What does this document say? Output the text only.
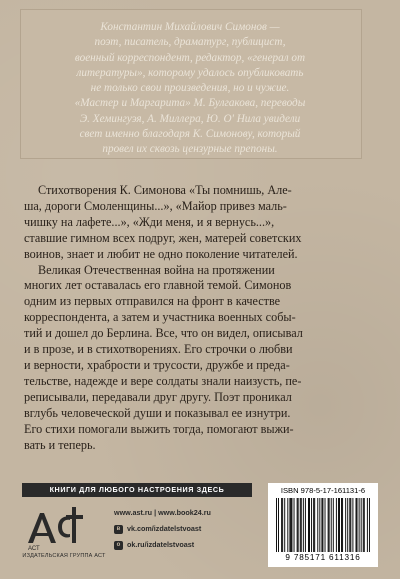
Константин Михайлович Симонов —
поэт, писатель, драматург, публицист,
военный корреспондент, редактор, «генерал от
литературы», которому удалось опубликовать
не только свои произведения, но и чужие.
«Мастер и Маргарита» М. Булгакова, переводы
Э. Хемингуэя, А. Миллера, Ю. О' Нила увидели
свет именно благодаря К. Симонову, который
провел их сквозь цензурные препоны.
Стихотворения К. Симонова «Ты помнишь, Але-
ша, дороги Смоленщины...», «Майор привез маль-
чишку на лафете...», «Жди меня, и я вернусь...»,
ставшие гимном всех подруг, жен, матерей советских
воинов, знает и любит не одно поколение читателей.
Великая Отечественная война на протяжении
многих лет оставалась его главной темой. Симонов
одним из первых отправился на фронт в качестве
корреспондента, а затем и участника военных собы-
тий и дошел до Берлина. Все, что он видел, описывал
и в прозе, и в стихотворениях. Его строчки о любви
и верности, храбрости и трусости, дружбе и преда-
тельстве, надежде и вере солдаты знали наизусть, пе-
реписывали, передавали друг другу. Поэт проникал
вглубь человеческой души и показывал ее изнутри.
Его стихи помогали выжить тогда, помогают выжи-
вать и теперь.
КНИГИ ДЛЯ ЛЮБОГО НАСТРОЕНИЯ ЗДЕСЬ
АСТ
ИЗДАТЕЛЬСКАЯ ГРУППА АСТ
www.ast.ru | www.book24.ru
в vk.com/izdatelstvoast
о ok.ru/izdatelstvoast
ISBN 978-5-17-161131-6
9 785171 611316
